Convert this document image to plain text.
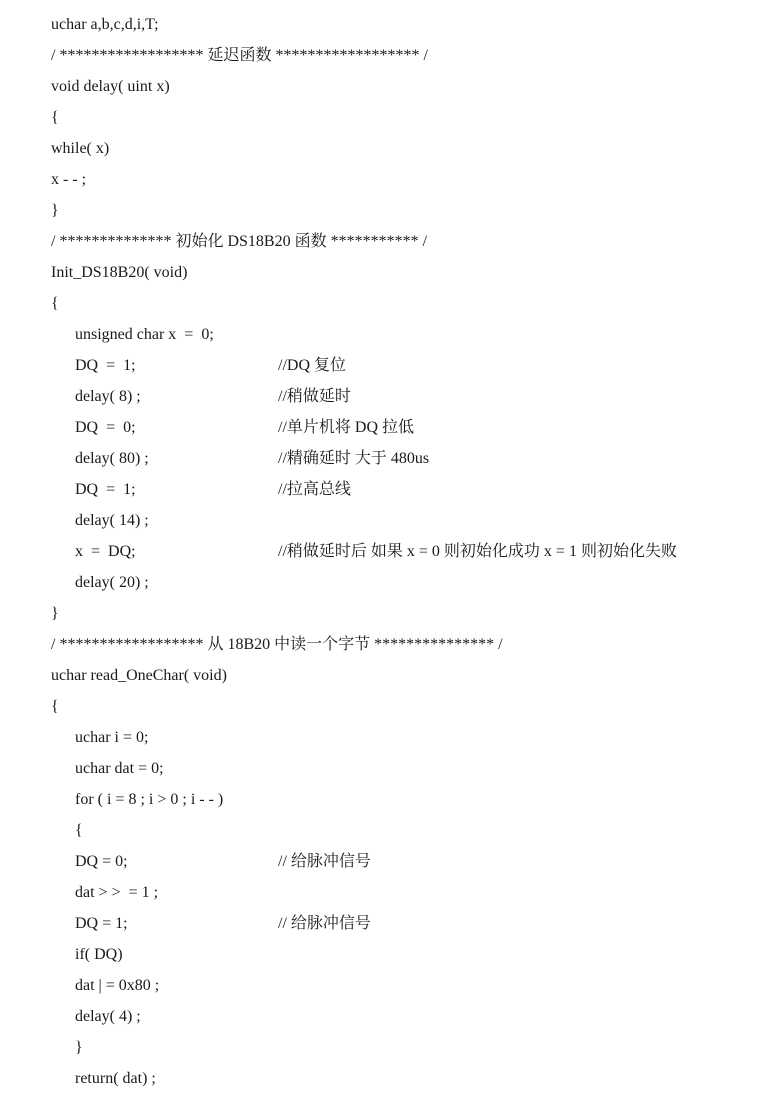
uchar a,b,c,d,i,T;
/ ****************** 延迟函数 ****************** /
void delay( uint x)
{
while( x)
x - - ;
}
/ ************** 初始化 DS18B20 函数 *********** /
Init_DS18B20( void)
{
unsigned char x  =  0;
DQ  =  1;	//DQ 复位
delay( 8) ;	//稍做延时
DQ  =  0;	//单片机将 DQ 拉低
delay( 80) ;	//精确延时 大于 480us
DQ  =  1;	//拉高总线
delay( 14) ;
x  =  DQ;	//稍做延时后 如果 x = 0 则初始化成功 x = 1 则初始化失败
delay( 20) ;
}
/ ****************** 从 18B20 中读一个字节 *************** /
uchar read_OneChar( void)
{
uchar i = 0;
uchar dat = 0;
for ( i = 8 ; i > 0 ; i - - )
{
DQ = 0;	// 给脉冲信号
dat > >  = 1 ;
DQ = 1;	// 给脉冲信号
if( DQ)
dat | = 0x80 ;
delay( 4) ;
}
return( dat) ;
